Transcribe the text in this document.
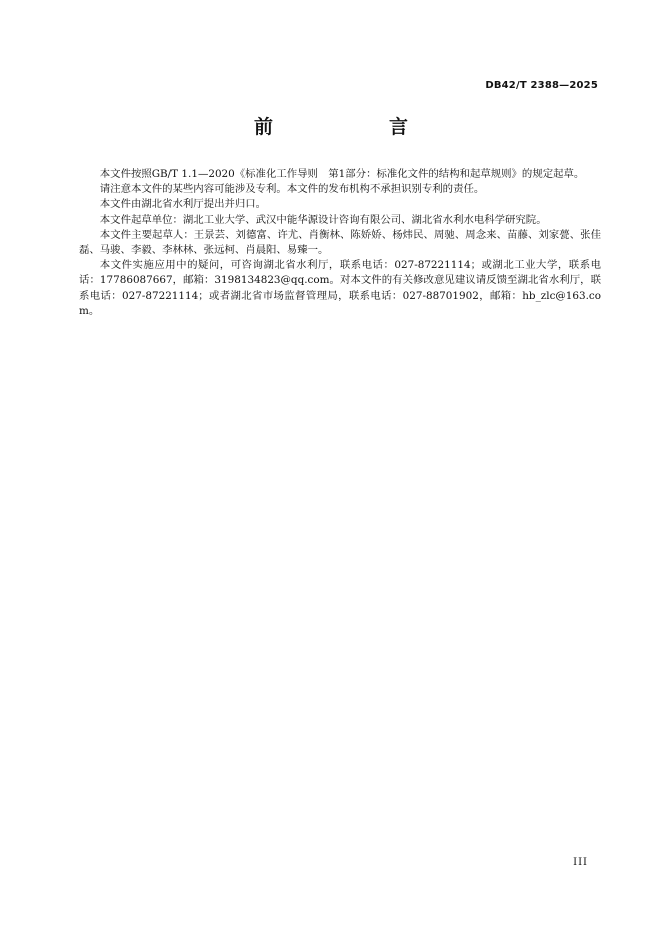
DB42/T 2388—2025
前　　言

本文件按照GB/T 1.1—2020《标准化工作导则　第1部分：标准化文件的结构和起草规则》的规定起草。

请注意本文件的某些内容可能涉及专利。本文件的发布机构不承担识别专利的责任。

本文件由湖北省水利厅提出并归口。

本文件起草单位：湖北工业大学、武汉中能华源设计咨询有限公司、湖北省水利水电科学研究院。

本文件主要起草人：王景芸、刘德富、许尤、肖衡林、陈娇娇、杨炜民、周驰、周念来、苗藤、刘家甍、张佳磊、马骏、李毅、李林林、张远柯、肖晨阳、易臻一。

本文件实施应用中的疑问，可咨询湖北省水利厅，联系电话：027-87221114；或湖北工业大学，联系电话：17786087667，邮箱：3198134823@qq.com。对本文件的有关修改意见建议请反馈至湖北省水利厅，联系电话：027-87221114；或者湖北省市场监督管理局，联系电话：027-88701902，邮箱：hb_zlc@163.com。

III
